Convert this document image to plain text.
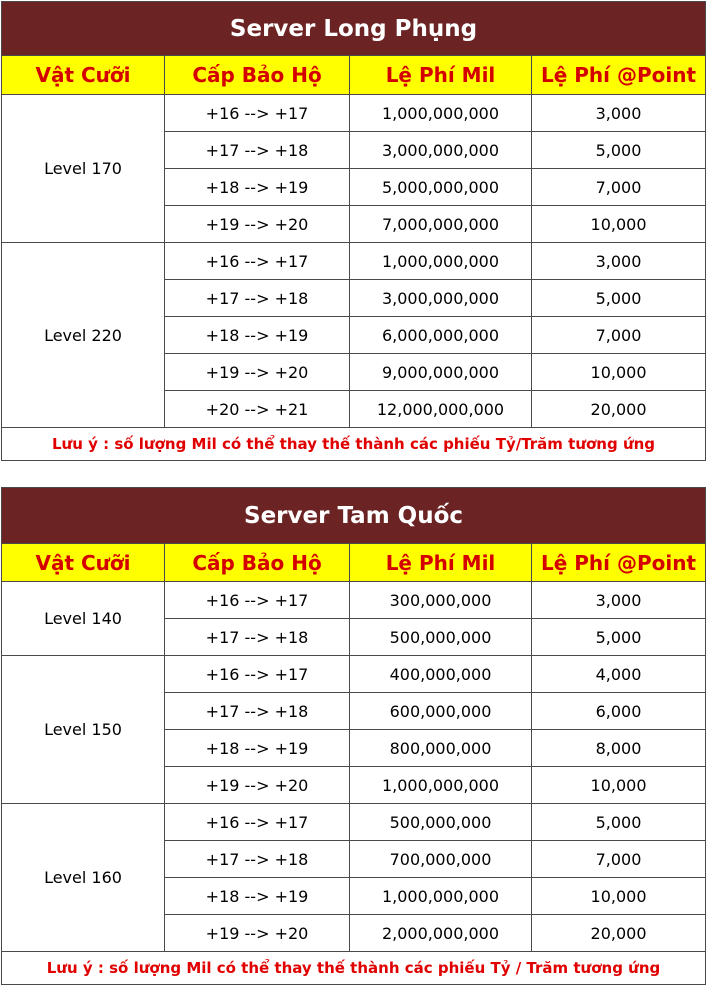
Server Long Phụng			
Vật Cưỡi	Cấp Bảo Hộ	Lệ Phí Mil	Lệ Phí @Point
Level 170	+16 --> +17	1,000,000,000	3,000
	+17 --> +18	3,000,000,000	5,000
	+18 --> +19	5,000,000,000	7,000
	+19 --> +20	7,000,000,000	10,000
Level 220	+16 --> +17	1,000,000,000	3,000
	+17 --> +18	3,000,000,000	5,000
	+18 --> +19	6,000,000,000	7,000
	+19 --> +20	9,000,000,000	10,000
	+20 --> +21	12,000,000,000	20,000
Lưu ý : số lượng Mil có thể thay thế thành các phiếu Tỷ/Trăm tương ứng			
Server Tam Quốc			
Vật Cưỡi	Cấp Bảo Hộ	Lệ Phí Mil	Lệ Phí @Point
Level 140	+16 --> +17	300,000,000	3,000
	+17 --> +18	500,000,000	5,000
Level 150	+16 --> +17	400,000,000	4,000
	+17 --> +18	600,000,000	6,000
	+18 --> +19	800,000,000	8,000
	+19 --> +20	1,000,000,000	10,000
Level 160	+16 --> +17	500,000,000	5,000
	+17 --> +18	700,000,000	7,000
	+18 --> +19	1,000,000,000	10,000
	+19 --> +20	2,000,000,000	20,000
Lưu ý : số lượng Mil có thể thay thế thành các phiếu Tỷ / Trăm tương ứng			
